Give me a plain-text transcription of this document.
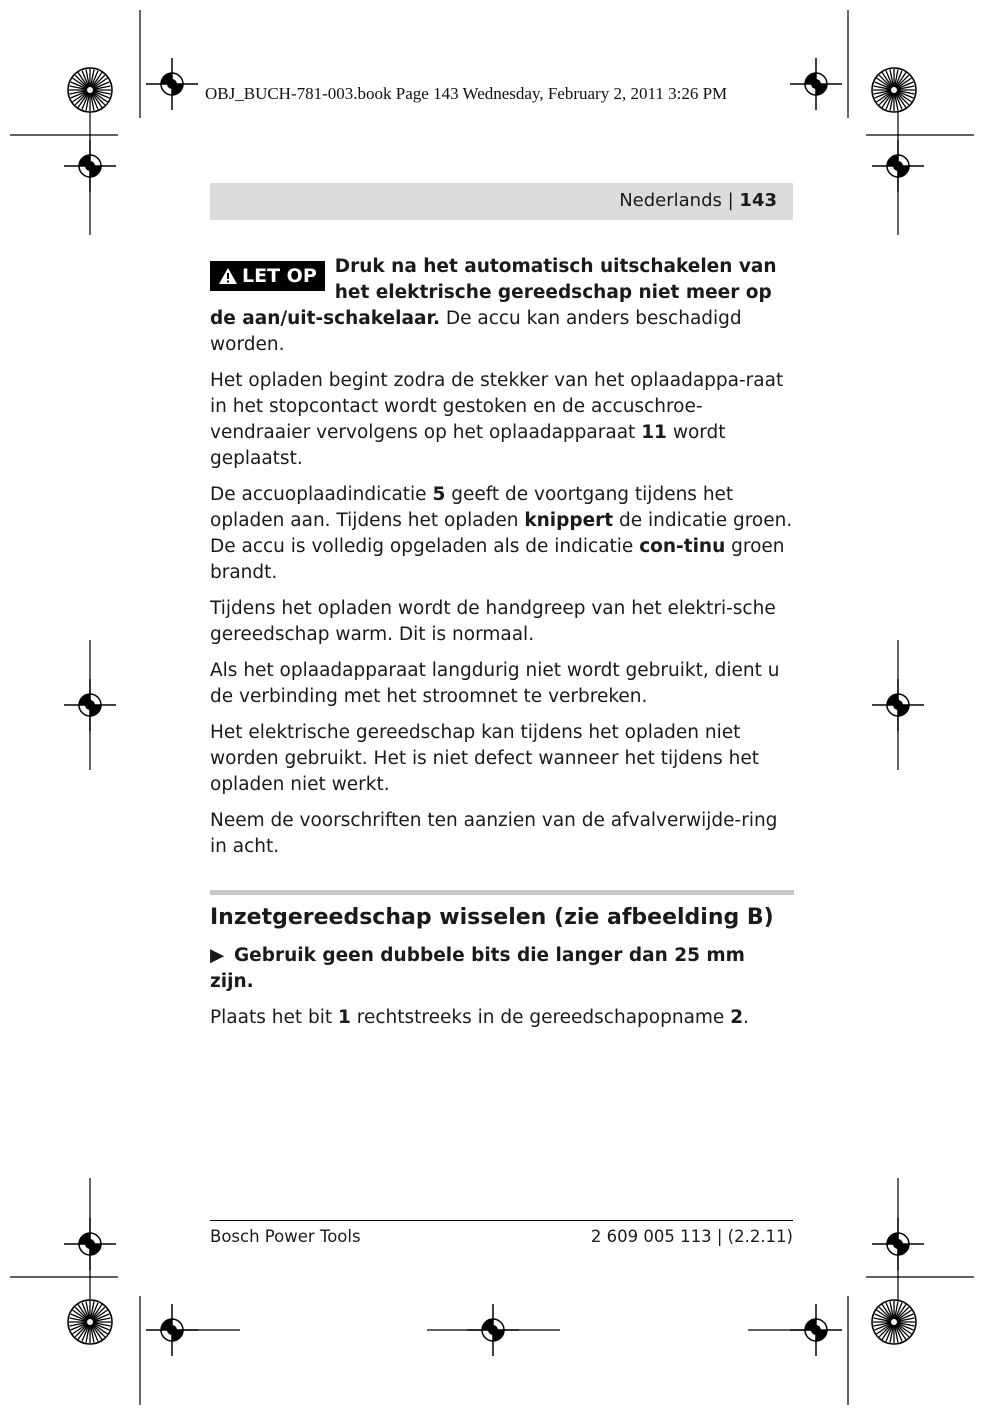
OBJ_BUCH-781-003.book Page 143 Wednesday, February 2, 2011 3:26 PM
Nederlands | 143
LET OP Druk na het automatisch uitschakelen van
het elektrische gereedschap niet meer op
de aan/uit-schakelaar. De accu kan anders beschadigd worden.

Het opladen begint zodra de stekker van het oplaadappa-raat in het stopcontact wordt gestoken en de accuschroe-vendraaier vervolgens op het oplaadapparaat 11 wordt geplaatst.

De accuoplaadindicatie 5 geeft de voortgang tijdens het opladen aan. Tijdens het opladen knippert de indicatie groen. De accu is volledig opgeladen als de indicatie con-tinu groen brandt.

Tijdens het opladen wordt de handgreep van het elektri-sche gereedschap warm. Dit is normaal.

Als het oplaadapparaat langdurig niet wordt gebruikt, dient u de verbinding met het stroomnet te verbreken.

Het elektrische gereedschap kan tijdens het opladen niet worden gebruikt. Het is niet defect wanneer het tijdens het opladen niet werkt.

Neem de voorschriften ten aanzien van de afvalverwijde-ring in acht.

Inzetgereedschap wisselen (zie afbeelding B)

▶ Gebruik geen dubbele bits die langer dan 25 mm zijn.

Plaats het bit 1 rechtstreeks in de gereedschapopname 2.

Bosch Power Tools	2 609 005 113 | (2.2.11)
